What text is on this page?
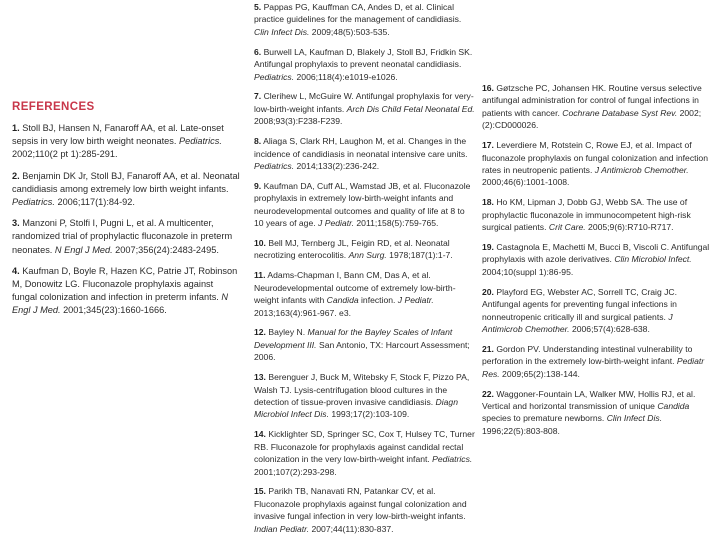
REFERENCES
1. Stoll BJ, Hansen N, Fanaroff AA, et al. Late-onset sepsis in very low birth weight neonates. Pediatrics. 2002;110(2 pt 1):285-291.
2. Benjamin DK Jr, Stoll BJ, Fanaroff AA, et al. Neonatal candidiasis among extremely low birth weight infants. Pediatrics. 2006;117(1):84-92.
3. Manzoni P, Stolfi I, Pugni L, et al. A multicenter, randomized trial of prophylactic fluconazole in preterm neonates. N Engl J Med. 2007;356(24):2483-2495.
4. Kaufman D, Boyle R, Hazen KC, Patrie JT, Robinson M, Donowitz LG. Fluconazole prophylaxis against fungal colonization and infection in preterm infants. N Engl J Med. 2001;345(23):1660-1666.
5. Pappas PG, Kauffman CA, Andes D, et al. Clinical practice guidelines for the management of candidiasis. Clin Infect Dis. 2009;48(5):503-535.
6. Burwell LA, Kaufman D, Blakely J, Stoll BJ, Fridkin SK. Antifungal prophylaxis to prevent neonatal candidiasis. Pediatrics. 2006;118(4):e1019-e1026.
7. Clerihew L, McGuire W. Antifungal prophylaxis for very-low-birth-weight infants. Arch Dis Child Fetal Neonatal Ed. 2008;93(3):F238-F239.
8. Aliaga S, Clark RH, Laughon M, et al. Changes in the incidence of candidiasis in neonatal intensive care units. Pediatrics. 2014;133(2):236-242.
9. Kaufman DA, Cuff AL, Wamstad JB, et al. Fluconazole prophylaxis in extremely low-birth-weight infants and neurodevelopmental outcomes and quality of life at 8 to 10 years of age. J Pediatr. 2011;158(5):759-765.
10. Bell MJ, Ternberg JL, Feigin RD, et al. Neonatal necrotizing enterocolitis. Ann Surg. 1978;187(1):1-7.
11. Adams-Chapman I, Bann CM, Das A, et al. Neurodevelopmental outcome of extremely low-birth-weight infants with Candida infection. J Pediatr. 2013;163(4):961-967. e3.
12. Bayley N. Manual for the Bayley Scales of Infant Development III. San Antonio, TX: Harcourt Assessment; 2006.
13. Berenguer J, Buck M, Witebsky F, Stock F, Pizzo PA, Walsh TJ. Lysis-centrifugation blood cultures in the detection of tissue-proven invasive candidiasis. Diagn Microbiol Infect Dis. 1993;17(2):103-109.
14. Kicklighter SD, Springer SC, Cox T, Hulsey TC, Turner RB. Fluconazole for prophylaxis against candidal rectal colonization in the very low-birth-weight infant. Pediatrics. 2001;107(2):293-298.
15. Parikh TB, Nanavati RN, Patankar CV, et al. Fluconazole prophylaxis against fungal colonization and invasive fungal infection in very low-birth-weight infants. Indian Pediatr. 2007;44(11):830-837.
16. Gøtzsche PC, Johansen HK. Routine versus selective antifungal administration for control of fungal infections in patients with cancer. Cochrane Database Syst Rev. 2002;(2):CD000026.
17. Leverdiere M, Rotstein C, Rowe EJ, et al. Impact of fluconazole prophylaxis on fungal colonization and infection rates in neutropenic patients. J Antimicrob Chemother. 2000;46(6):1001-1008.
18. Ho KM, Lipman J, Dobb GJ, Webb SA. The use of prophylactic fluconazole in immunocompetent high-risk surgical patients. Crit Care. 2005;9(6):R710-R717.
19. Castagnola E, Machetti M, Bucci B, Viscoli C. Antifungal prophylaxis with azole derivatives. Clin Microbiol Infect. 2004;10(suppl 1):86-95.
20. Playford EG, Webster AC, Sorrell TC, Craig JC. Antifungal agents for preventing fungal infections in nonneutropenic critically ill and surgical patients. J Antimicrob Chemother. 2006;57(4):628-638.
21. Gordon PV. Understanding intestinal vulnerability to perforation in the extremely low-birth-weight infant. Pediatr Res. 2009;65(2):138-144.
22. Waggoner-Fountain LA, Walker MW, Hollis RJ, et al. Vertical and horizontal transmission of unique Candida species to premature newborns. Clin Infect Dis. 1996;22(5):803-808.
